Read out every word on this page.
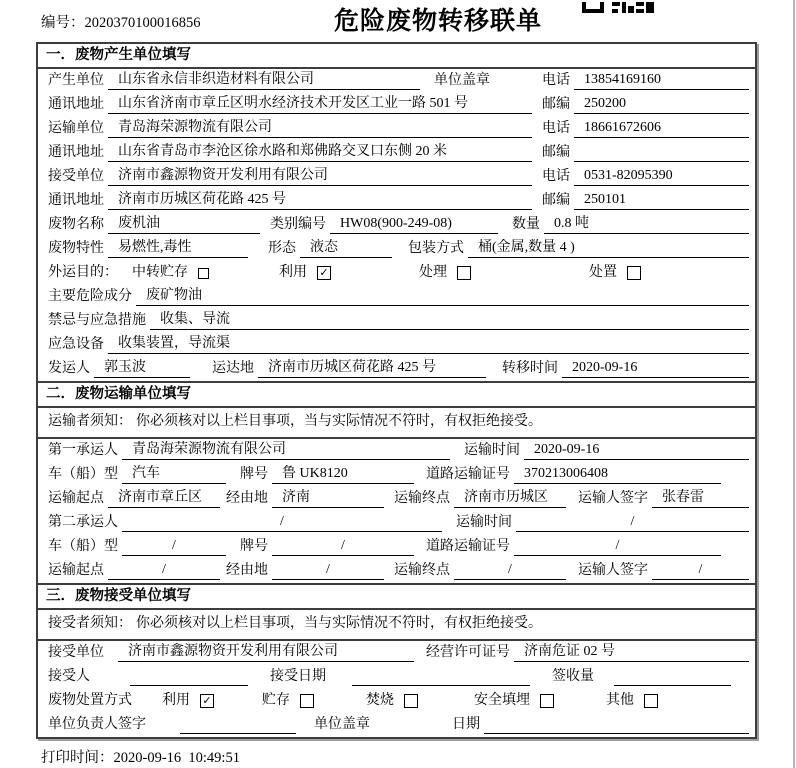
编号：2020370100016856	危险废物转移联单
一．废物产生单位填写
产生单位	山东省永信非织造材料有限公司	单位盖章	电话	13854169160
通讯地址	山东省济南市章丘区明水经济技术开发区工业一路 501 号	邮编	250200
运输单位	青岛海荣源物流有限公司	电话	18661672606
通讯地址	山东省青岛市李沧区徐水路和郑佛路交叉口东侧 20 米	邮编
接受单位	济南市鑫源物资开发利用有限公司	电话	0531-82095390
通讯地址	济南市历城区荷花路 425 号	邮编	250101
废物名称	废机油	类别编号	HW08(900-249-08)	数量	0.8 吨
废物特性	易燃性,毒性	形态	液态	包装方式	桶(金属,数量 4 )
外运目的： 中转贮存	利用 ✓	处理	处置
主要危险成分	废矿物油
禁忌与应急措施	收集、导流
应急设备	收集装置，导流渠
发运人	郭玉波	运达地	济南市历城区荷花路 425 号	转移时间	2020-09-16
二．废物运输单位填写
运输者须知： 你必须核对以上栏目事项，当与实际情况不符时，有权拒绝接受。
第一承运人	青岛海荣源物流有限公司	运输时间	2020-09-16
车（船）型	汽车	牌号	鲁 UK8120	道路运输证号	370213006408
运输起点	济南市章丘区	经由地	济南	运输终点	济南市历城区	运输人签字	张春雷
第二承运人	/	运输时间	/
车（船）型	/	牌号	/	道路运输证号	/
运输起点	/	经由地	/	运输终点	/	运输人签字	/
三．废物接受单位填写
接受者须知： 你必须核对以上栏目事项，当与实际情况不符时，有权拒绝接受。
接受单位	济南市鑫源物资开发利用有限公司	经营许可证号	济南危证 02 号
接受人	接受日期	签收量
废物处置方式 利用 ✓	贮存	焚烧	安全填埋	其他
单位负责人签字	单位盖章	日期
打印时间：2020-09-16  10:49:51
